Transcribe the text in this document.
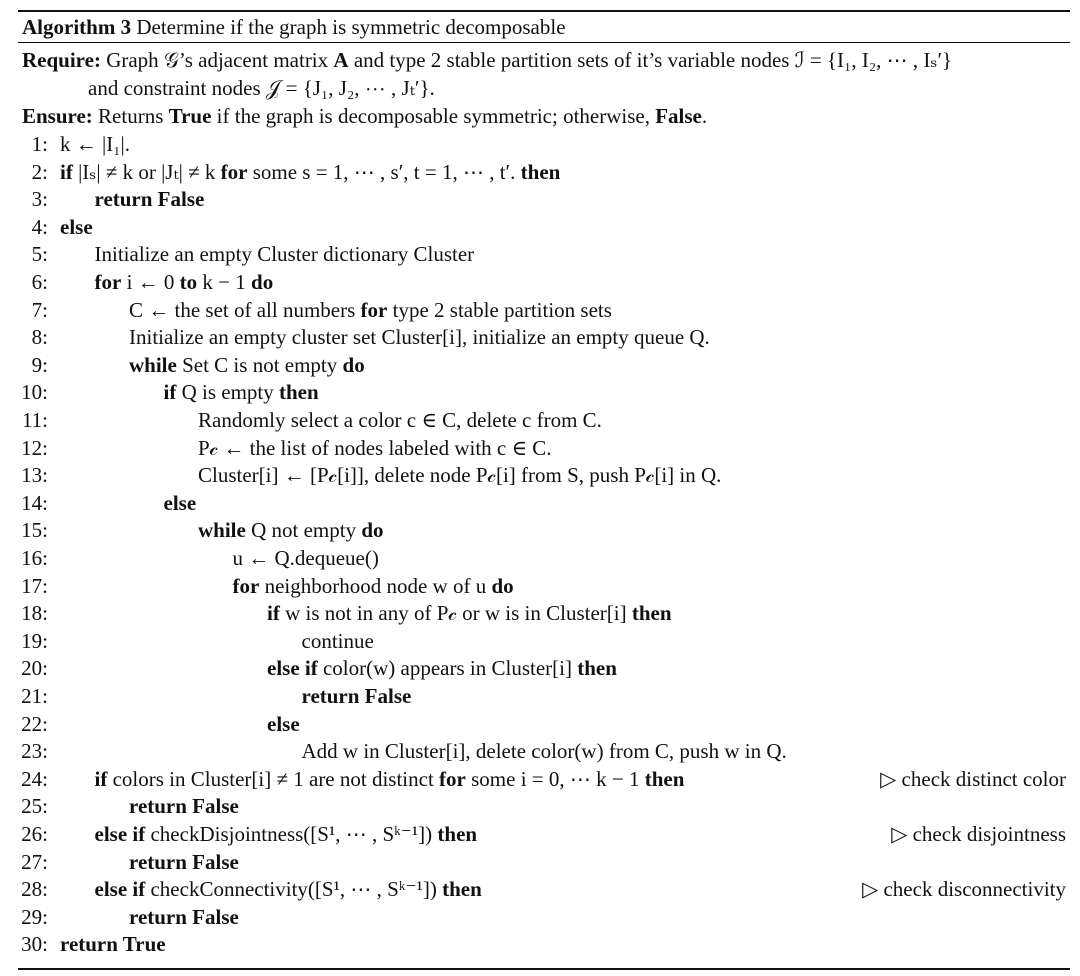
Algorithm 3 Determine if the graph is symmetric decomposable
Require: Graph 𝒢’s adjacent matrix A and type 2 stable partition sets of it’s variable nodes ℐ = {I₁, I₂, ⋯ , Iₛ′}
and constraint nodes 𝒥 = {J₁, J₂, ⋯ , Jₜ′}.
Ensure: Returns True if the graph is decomposable symmetric; otherwise, False.
1: k ← |I₁|.
2: if |Iₛ| ≠ k or |Jₜ| ≠ k for some s = 1, ⋯ , s′, t = 1, ⋯ , t′. then
3: return False
4: else
5: Initialize an empty Cluster dictionary Cluster
6: for i ← 0 to k − 1 do
7:	C ← the set of all numbers for type 2 stable partition sets
8:	Initialize an empty cluster set Cluster[i], initialize an empty queue Q.
9:	while Set C is not empty do
10:	if Q is empty then
11:	Randomly select a color c ∈ C, delete c from C.
12:	P𝒸 ← the list of nodes labeled with c ∈ C.
13:	Cluster[i] ← [P𝒸[i]], delete node P𝒸[i] from S, push P𝒸[i] in Q.
14:	else
15:	while Q not empty do
16:	u ← Q.dequeue()
17:	for neighborhood node w of u do
18:	if w is not in any of P𝒸 or w is in Cluster[i] then
19:	continue
20:	else if color(w) appears in Cluster[i] then
21:	return False
22:	else
23:	Add w in Cluster[i], delete color(w) from C, push w in Q.
24: if colors in Cluster[i] ≠ 1 are not distinct for some i = 0, ⋯ k − 1 then	▷ check distinct color
25:	return False
26: else if checkDisjointness([S¹, ⋯ , Sᵏ⁻¹]) then	▷ check disjointness
27:	return False
28: else if checkConnectivity([S¹, ⋯ , Sᵏ⁻¹]) then	▷ check disconnectivity
29:	return False
30: return True
